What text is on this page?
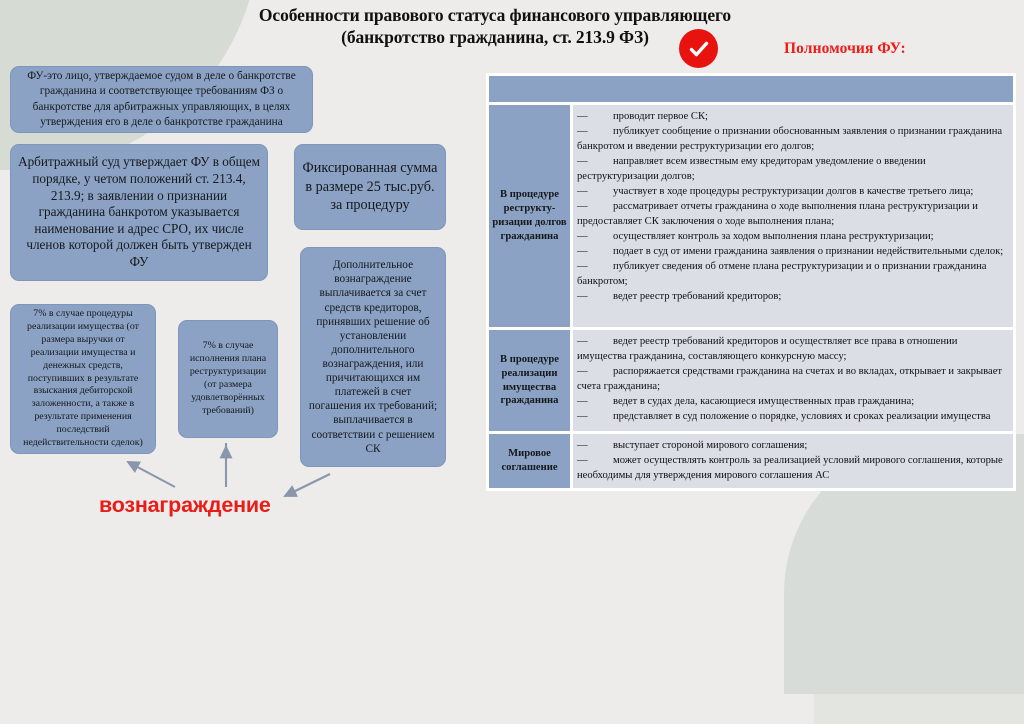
Особенности правового статуса финансового управляющего
(банкротство гражданина, ст. 213.9 ФЗ)
Полномочия ФУ:
ФУ-это лицо, утверждаемое судом в деле о банкротстве гражданина и соответствующее требованиям ФЗ о банкротстве для арбитражных управляющих, в целях утверждения его в деле о банкротстве гражданина
Арбитражный суд утверждает ФУ в общем порядке, у четом положений ст. 213.4, 213.9; в заявлении о признании гражданина банкротом указывается наименование и адрес СРО, их числе членов которой должен быть утвержден ФУ
Фиксированная сумма в размере 25 тыс.руб. за процедуру
Дополнительное вознаграждение выплачивается за счет средств кредиторов, принявших решение об установлении дополнительного вознаграждения, или причитающихся им платежей в счет погашения их требований; выплачивается в соответствии с решением СК
7% в случае процедуры реализации имущества (от размера выручки от реализации имущества и денежных средств, поступивших в результате взыскания дебиторской заложенности, а также в результате применения последствий недействительности сделок)
7% в случае исполнения плана реструктуризации (от размера удовлетворённых требований)
вознаграждение
В процедуре реструкту-ризации долгов гражданина
— проводит первое СК;
— публикует сообщение о признании обоснованным заявления о признании гражданина банкротом и введении реструктуризации его долгов;
— направляет всем известным ему кредиторам уведомление о введении реструктуризации долгов;
— участвует в ходе процедуры реструктуризации долгов в качестве третьего лица;
— рассматривает отчеты гражданина о ходе выполнения плана реструктуризации и предоставляет СК заключения о ходе выполнения плана;
— осуществляет контроль за ходом выполнения плана реструктуризации;
— подает в суд от имени гражданина заявления о признании недействительными сделок;
— публикует сведения об отмене плана реструктуризации и о признании гражданина банкротом;
— ведет реестр требований кредиторов;
В процедуре реализации имущества гражданина
— ведет реестр требований кредиторов и осуществляет все права в отношении имущества гражданина, составляющего конкурсную массу;
— распоряжается средствами гражданина на счетах и во вкладах, открывает и закрывает счета гражданина;
— ведет в судах дела, касающиеся имущественных прав гражданина;
— представляет в суд положение о порядке, условиях и сроках реализации имущества
Мировое соглашение
— выступает стороной мирового соглашения;
— может осуществлять контроль за реализацией условий мирового соглашения, которые необходимы для утверждения мирового соглашения АС
